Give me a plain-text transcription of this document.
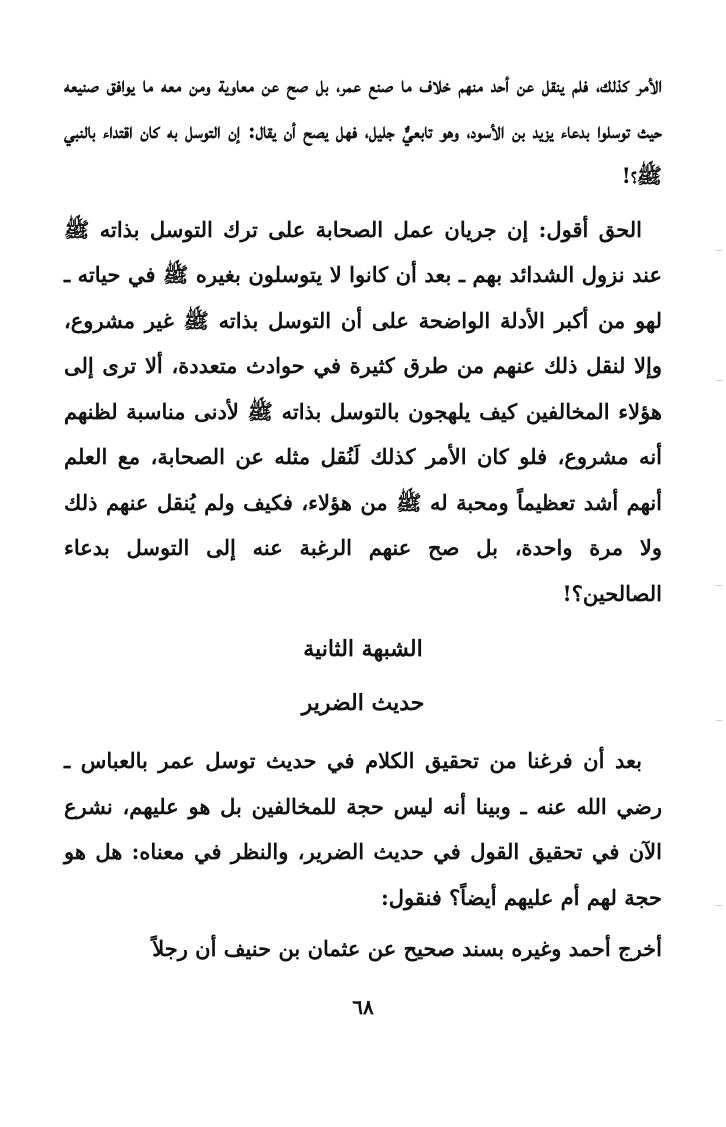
الأمر كذلك، فلم ينقل عن أحد منهم خلاف ما صنع عمر، بل صح عن معاوية ومن معه ما يوافق صنيعه حيث توسلوا بدعاء يزيد بن الأسود، وهو تابعيٌّ جليل، فهل يصح أن يقال: إن التوسل به كان اقتداء بالنبي ﷺ؟!

الحق أقول: إن جريان عمل الصحابة على ترك التوسل بذاته ﷺ عند نزول الشدائد بهم ـ بعد أن كانوا لا يتوسلون بغيره ﷺ في حياته ـ لهو من أكبر الأدلة الواضحة على أن التوسل بذاته ﷺ غير مشروع، وإلا لنقل ذلك عنهم من طرق كثيرة في حوادث متعددة، ألا ترى إلى هؤلاء المخالفين كيف يلهجون بالتوسل بذاته ﷺ لأدنى مناسبة لظنهم أنه مشروع، فلو كان الأمر كذلك لَنُقل مثله عن الصحابة، مع العلم أنهم أشد تعظيماً ومحبة له ﷺ من هؤلاء، فكيف ولم يُنقل عنهم ذلك ولا مرة واحدة، بل صح عنهم الرغبة عنه إلى التوسل بدعاء الصالحين؟!

الشبهة الثانية
حديث الضرير

بعد أن فرغنا من تحقيق الكلام في حديث توسل عمر بالعباس ـ رضي الله عنه ـ وبينا أنه ليس حجة للمخالفين بل هو عليهم، نشرع الآن في تحقيق القول في حديث الضرير، والنظر في معناه: هل هو حجة لهم أم عليهم أيضاً؟ فنقول:

أخرج أحمد وغيره بسند صحيح عن عثمان بن حنيف أن رجلاً

٦٨
